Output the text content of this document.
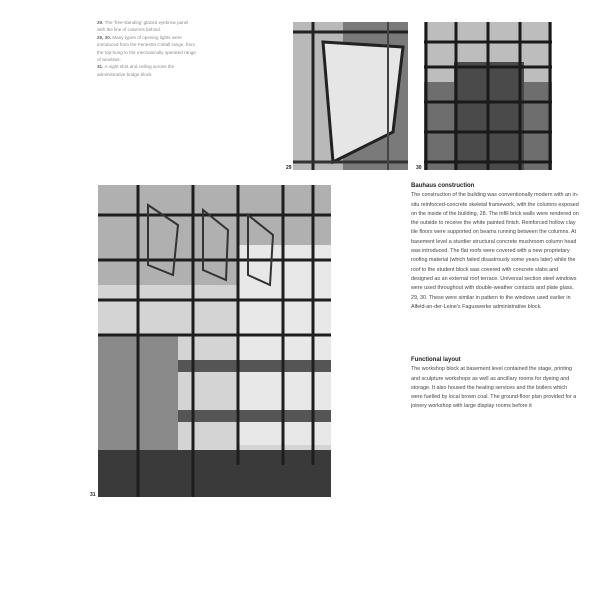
29. The 'free-standing' glazed eyebrow panel with the line of columns behind.
29, 30. Many types of opening lights were introduced from the Fenestra Crittall range, from the top-hung to the mechanically operated range of windows.
31. A night shot and ceiling across the administrative bridge block.
29	30
31
Bauhaus construction

The construction of the building was conventionally modern with an in-situ reinforced-concrete skeletal framework, with the columns exposed on the inside of the building, 28. The infill brick walls were rendered on the outside to receive the white painted finish. Reinforced hollow clay tile floors were supported on beams running between the columns. At basement level a sturdier structural concrete mushroom column head was introduced. The flat roofs were covered with a new proprietary roofing material (which failed disastrously some years later) while the roof to the student block was covered with concrete slabs and designed as an external roof terrace. Universal section steel windows were used throughout with double-weather contacts and plate glass, 29, 30. These were similar in pattern to the windows used earlier in Alfeld-an-der-Leine's Faguswerke administrative block.

Functional layout

The workshop block at basement level contained the stage, printing and sculpture workshops as well as ancillary rooms for dyeing and storage. It also housed the heating services and the boilers which were fuelled by local brown coal. The ground-floor plan provided for a joinery workshop with large display rooms before it
